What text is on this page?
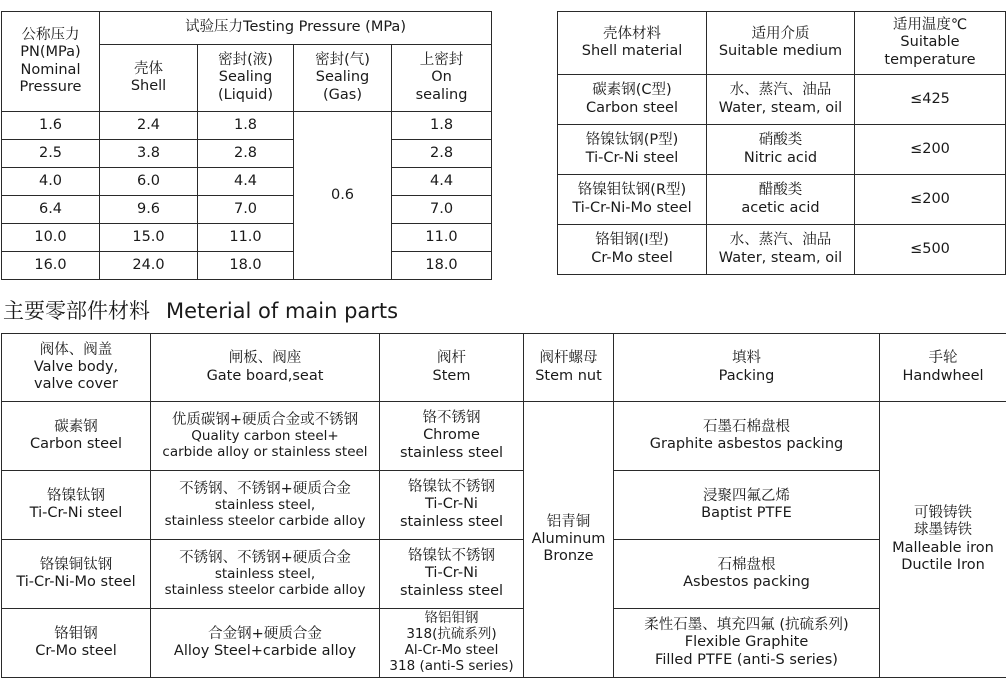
公称压力
PN(MPa)
Nominal
Pressure	试验压力Testing Pressure (MPa)			

	壳体
Shell	密封(液)
Sealing
(Liquid)	密封(气)
Sealing
(Gas)	上密封
On
sealing

1.6	2.4	1.8	0.6	1.8
2.5	3.8	2.8		2.8
4.0	6.0	4.4		4.4
6.4	9.6	7.0		7.0
10.0	15.0	11.0		11.0
16.0	24.0	18.0		18.0
壳体材料
Shell material	适用介质
Suitable medium	适用温度℃
Suitable
temperature

碳素钢(C型)
Carbon steel	水、蒸汽、油品
Water, steam, oil	≤425

铬镍钛钢(P型)
Ti-Cr-Ni steel	硝酸类
Nitric acid	≤200

铬镍钼钛钢(R型)
Ti-Cr-Ni-Mo steel	醋酸类
acetic acid	≤200

铬钼钢(I型)
Cr-Mo steel	水、蒸汽、油品
Water, steam, oil	≤500
主要零部件材料 Meterial of main parts
阀体、阀盖
Valve body,
valve cover	闸板、阀座
Gate board,seat	阀杆
Stem	阀杆螺母
Stem nut	填料
Packing	手轮
Handwheel

碳素钢
Carbon steel	优质碳钢+硬质合金或不锈钢
Quality carbon steel+
carbide alloy or stainless steel	铬不锈钢
Chrome
stainless steel	铝青铜
Aluminum
Bronze	石墨石棉盘根
Graphite asbestos packing	可锻铸铁
球墨铸铁
Malleable iron
Ductile Iron

铬镍钛钢
Ti-Cr-Ni steel	不锈钢、不锈钢+硬质合金
stainless steel,
stainless steelor carbide alloy	铬镍钛不锈钢
Ti-Cr-Ni
stainless steel		浸聚四氟乙烯
Baptist PTFE	

铬镍铜钛钢
Ti-Cr-Ni-Mo steel	不锈钢、不锈钢+硬质合金
stainless steel,
stainless steelor carbide alloy	铬镍钛不锈钢
Ti-Cr-Ni
stainless steel		石棉盘根
Asbestos packing	

铬钼钢
Cr-Mo steel	合金钢+硬质合金
Alloy Steel+carbide alloy	铬铝钼钢
318(抗硫系列)
Al-Cr-Mo steel
318 (anti-S series)		柔性石墨、填充四氟 (抗硫系列)
Flexible Graphite
Filled PTFE (anti-S series)	
